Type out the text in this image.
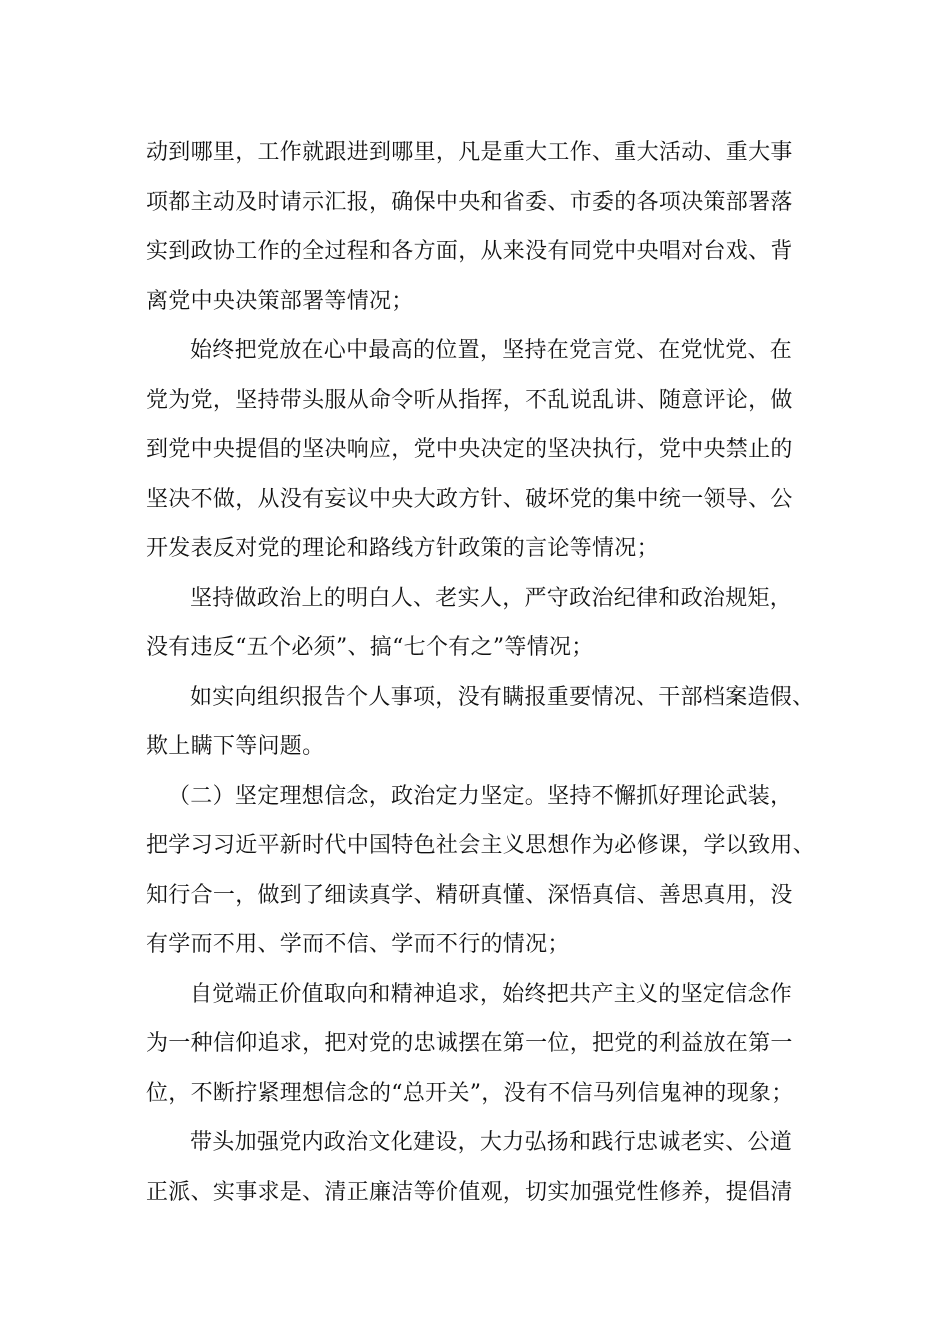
动到哪里，工作就跟进到哪里，凡是重大工作、重大活动、重大事
项都主动及时请示汇报，确保中央和省委、市委的各项决策部署落
实到政协工作的全过程和各方面，从来没有同党中央唱对台戏、背
离党中央决策部署等情况；
始终把党放在心中最高的位置，坚持在党言党、在党忧党、在
党为党，坚持带头服从命令听从指挥，不乱说乱讲、随意评论，做
到党中央提倡的坚决响应，党中央决定的坚决执行，党中央禁止的
坚决不做，从没有妄议中央大政方针、破坏党的集中统一领导、公
开发表反对党的理论和路线方针政策的言论等情况；
坚持做政治上的明白人、老实人，严守政治纪律和政治规矩，
没有违反“五个必须”、搞“七个有之”等情况；
如实向组织报告个人事项，没有瞒报重要情况、干部档案造假、
欺上瞒下等问题。
（二）坚定理想信念，政治定力坚定。坚持不懈抓好理论武装，
把学习习近平新时代中国特色社会主义思想作为必修课，学以致用、
知行合一，做到了细读真学、精研真懂、深悟真信、善思真用，没
有学而不用、学而不信、学而不行的情况；
自觉端正价值取向和精神追求，始终把共产主义的坚定信念作
为一种信仰追求，把对党的忠诚摆在第一位，把党的利益放在第一
位，不断拧紧理想信念的“总开关”，没有不信马列信鬼神的现象；
带头加强党内政治文化建设，大力弘扬和践行忠诚老实、公道
正派、实事求是、清正廉洁等价值观，切实加强党性修养，提倡清
